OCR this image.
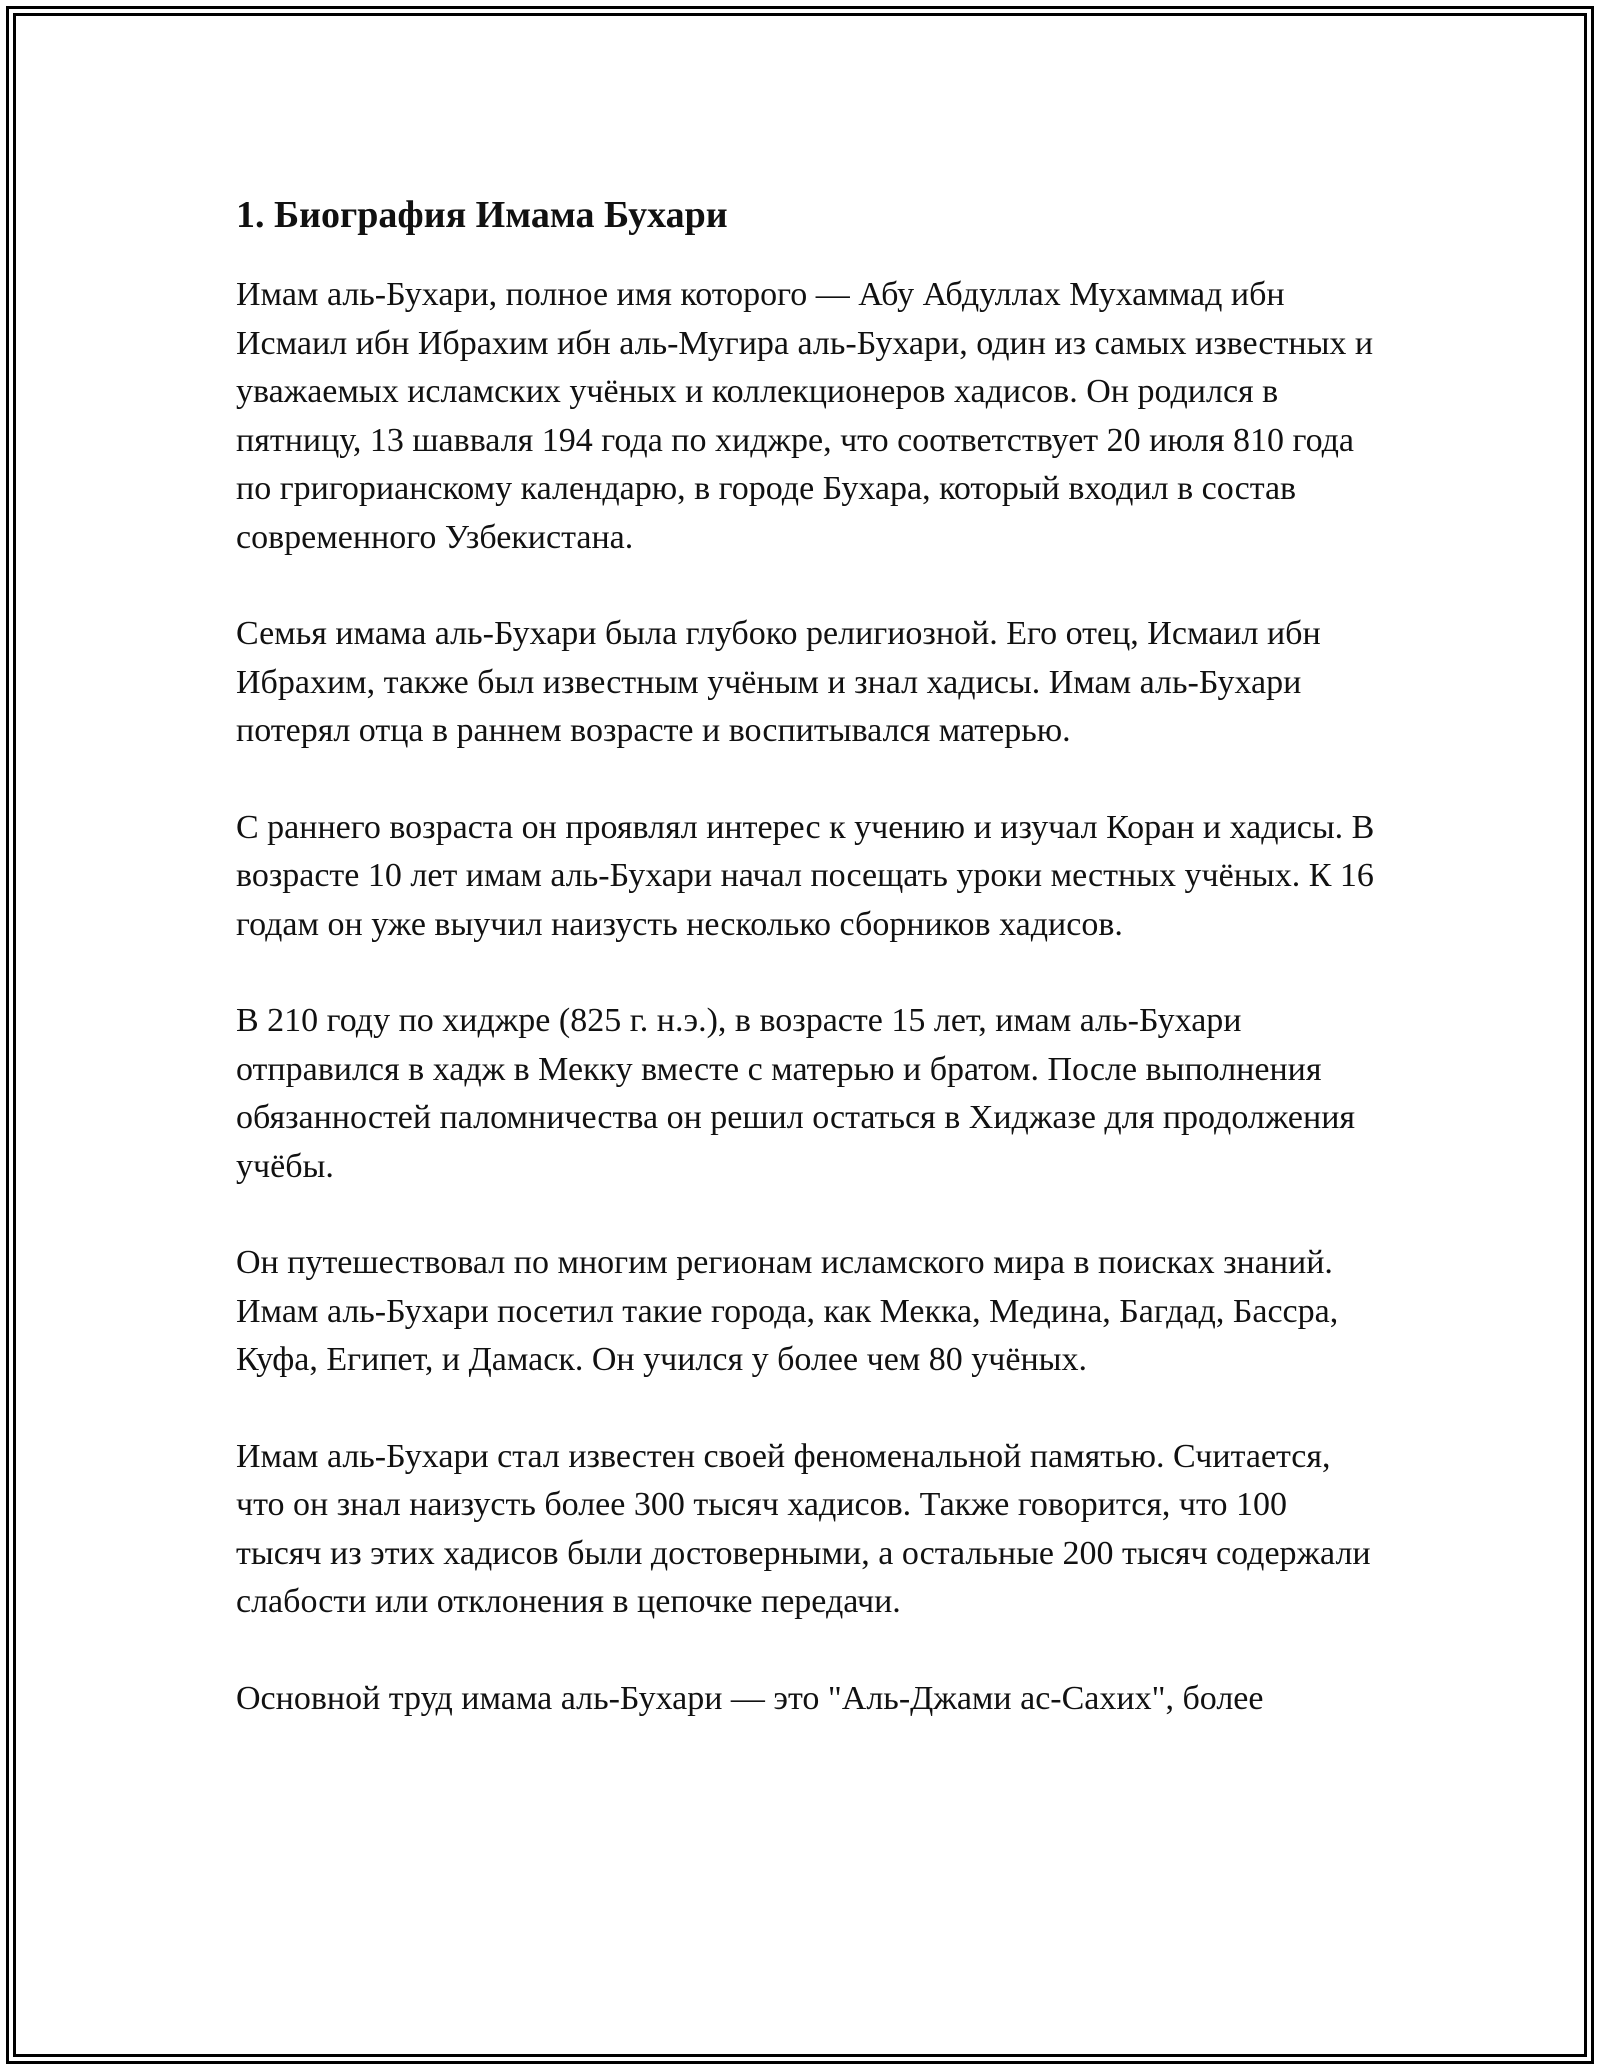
1. Биография Имама Бухари

Имам аль-Бухари, полное имя которого — Абу Абдуллах Мухаммад ибн Исмаил ибн Ибрахим ибн аль-Мугира аль-Бухари, один из самых известных и уважаемых исламских учёных и коллекционеров хадисов. Он родился в пятницу, 13 шавваля 194 года по хиджре, что соответствует 20 июля 810 года по григорианскому календарю, в городе Бухара, который входил в состав современного Узбекистана.

Семья имама аль-Бухари была глубоко религиозной. Его отец, Исмаил ибн Ибрахим, также был известным учёным и знал хадисы. Имам аль-Бухари потерял отца в раннем возрасте и воспитывался матерью.

С раннего возраста он проявлял интерес к учению и изучал Коран и хадисы. В возрасте 10 лет имам аль-Бухари начал посещать уроки местных учёных. К 16 годам он уже выучил наизусть несколько сборников хадисов.

В 210 году по хиджре (825 г. н.э.), в возрасте 15 лет, имам аль-Бухари отправился в хадж в Мекку вместе с матерью и братом. После выполнения обязанностей паломничества он решил остаться в Хиджазе для продолжения учёбы.

Он путешествовал по многим регионам исламского мира в поисках знаний. Имам аль-Бухари посетил такие города, как Мекка, Медина, Багдад, Басcра, Куфа, Египет, и Дамаск. Он учился у более чем 80 учёных.

Имам аль-Бухари стал известен своей феноменальной памятью. Считается, что он знал наизусть более 300 тысяч хадисов. Также говорится, что 100 тысяч из этих хадисов были достоверными, а остальные 200 тысяч содержали слабости или отклонения в цепочке передачи.

Основной труд имама аль-Бухари — это "Аль-Джами ас-Сахих", более
